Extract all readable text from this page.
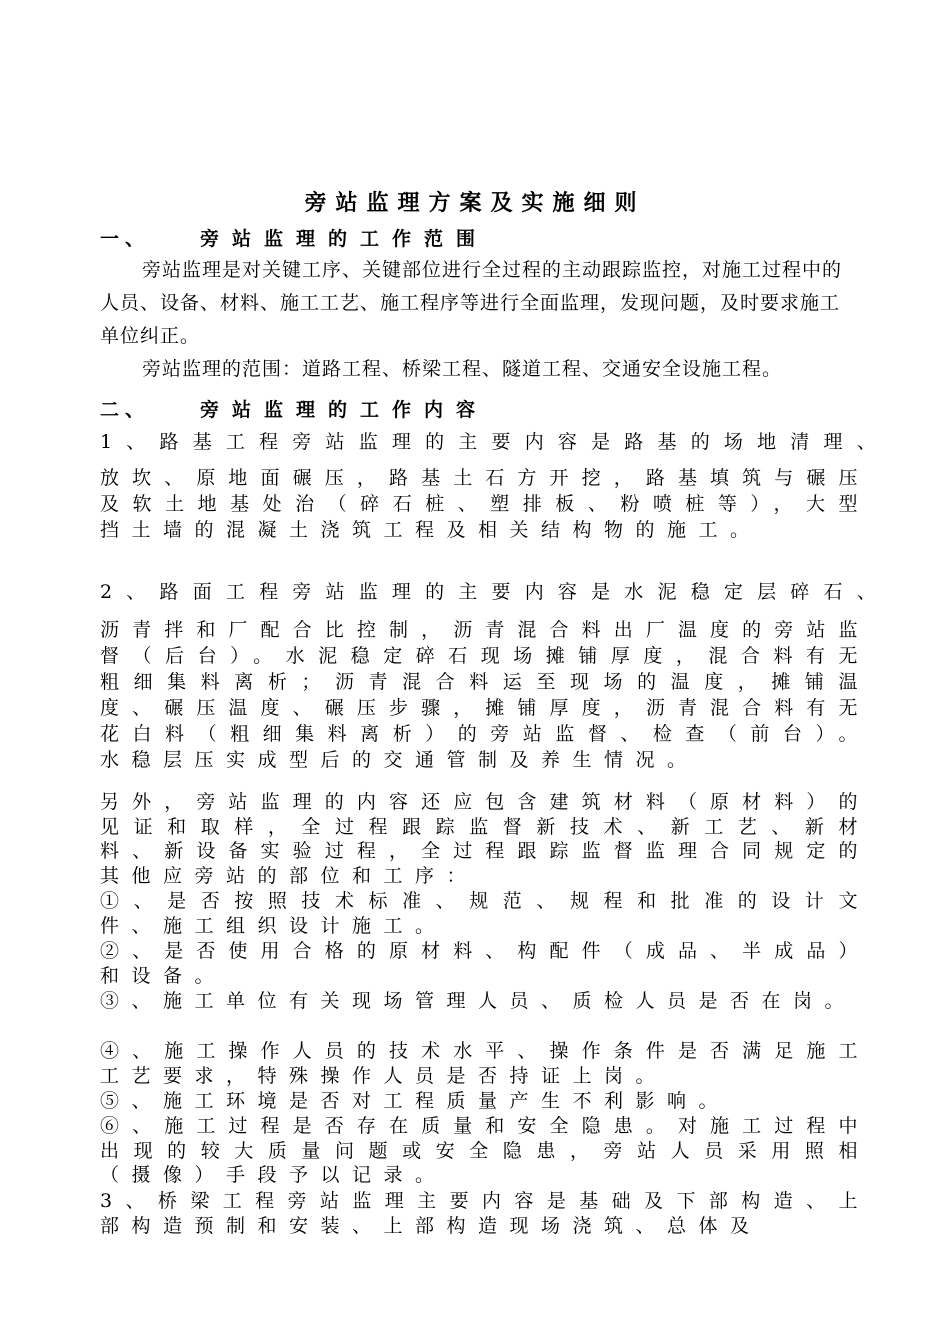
旁站监理方案及实施细则
一、	旁站监理的工作范围

旁站监理是对关键工序、关键部位进行全过程的主动跟踪监控，对施工过程中的人员、设备、材料、施工工艺、施工程序等进行全面监理，发现问题，及时要求施工单位纠正。

旁站监理的范围：道路工程、桥梁工程、隧道工程、交通安全设施工程。

二、	旁站监理的工作内容

1、路基工程旁站监理的主要内容是路基的场地清理、

放坎、原地面碾压，路基土石方开挖，路基填筑与碾压及软土地基处治（碎石桩、塑排板、粉喷桩等），大型挡土墙的混凝土浇筑工程及相关结构物的施工。

2、路面工程旁站监理的主要内容是水泥稳定层碎石、

沥青拌和厂配合比控制，沥青混合料出厂温度的旁站监督（后台）。水泥稳定碎石现场摊铺厚度，混合料有无粗细集料离析；沥青混合料运至现场的温度，摊铺温度、碾压温度、碾压步骤，摊铺厚度，沥青混合料有无花白料（粗细集料离析）的旁站监督、检查（前台）。水稳层压实成型后的交通管制及养生情况。

另外，旁站监理的内容还应包含建筑材料（原材料）的见证和取样，全过程跟踪监督新技术、新工艺、新材料、新设备实验过程，全过程跟踪监督监理合同规定的其他应旁站的部位和工序：

①、是否按照技术标准、规范、规程和批准的设计文件、施工组织设计施工。

②、是否使用合格的原材料、构配件（成品、半成品）和设备。

③、施工单位有关现场管理人员、质检人员是否在岗。

④、施工操作人员的技术水平、操作条件是否满足施工工艺要求，特殊操作人员是否持证上岗。

⑤、施工环境是否对工程质量产生不利影响。

⑥、施工过程是否存在质量和安全隐患。对施工过程中出现的较大质量问题或安全隐患，旁站人员采用照相（摄像）手段予以记录。

3、桥梁工程旁站监理主要内容是基础及下部构造、上部构造预制和安装、上部构造现场浇筑、总体及
